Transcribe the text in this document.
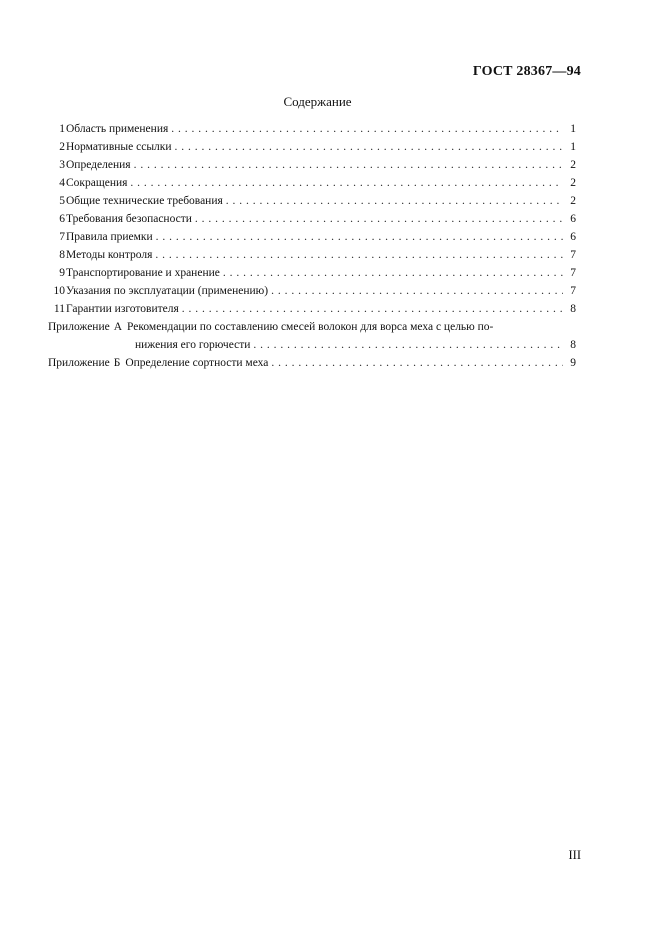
ГОСТ 28367—94
Содержание
1 Область применения . . .	1
2 Нормативные ссылки . . .	1
3 Определения . . .	2
4 Сокращения . . .	2
5 Общие технические требования . . .	2
6 Требования безопасности . . .	6
7 Правила приемки . . .	6
8 Методы контроля . . .	7
9 Транспортирование и хранение . . .	7
10 Указания по эксплуатации (применению) . . .	7
11 Гарантии изготовителя . . .	8
Приложение А Рекомендации по составлению смесей волокон для ворса меха с целью по-
нижения его горючести . . .	8
Приложение Б Определение сортности меха . . .	9
III
